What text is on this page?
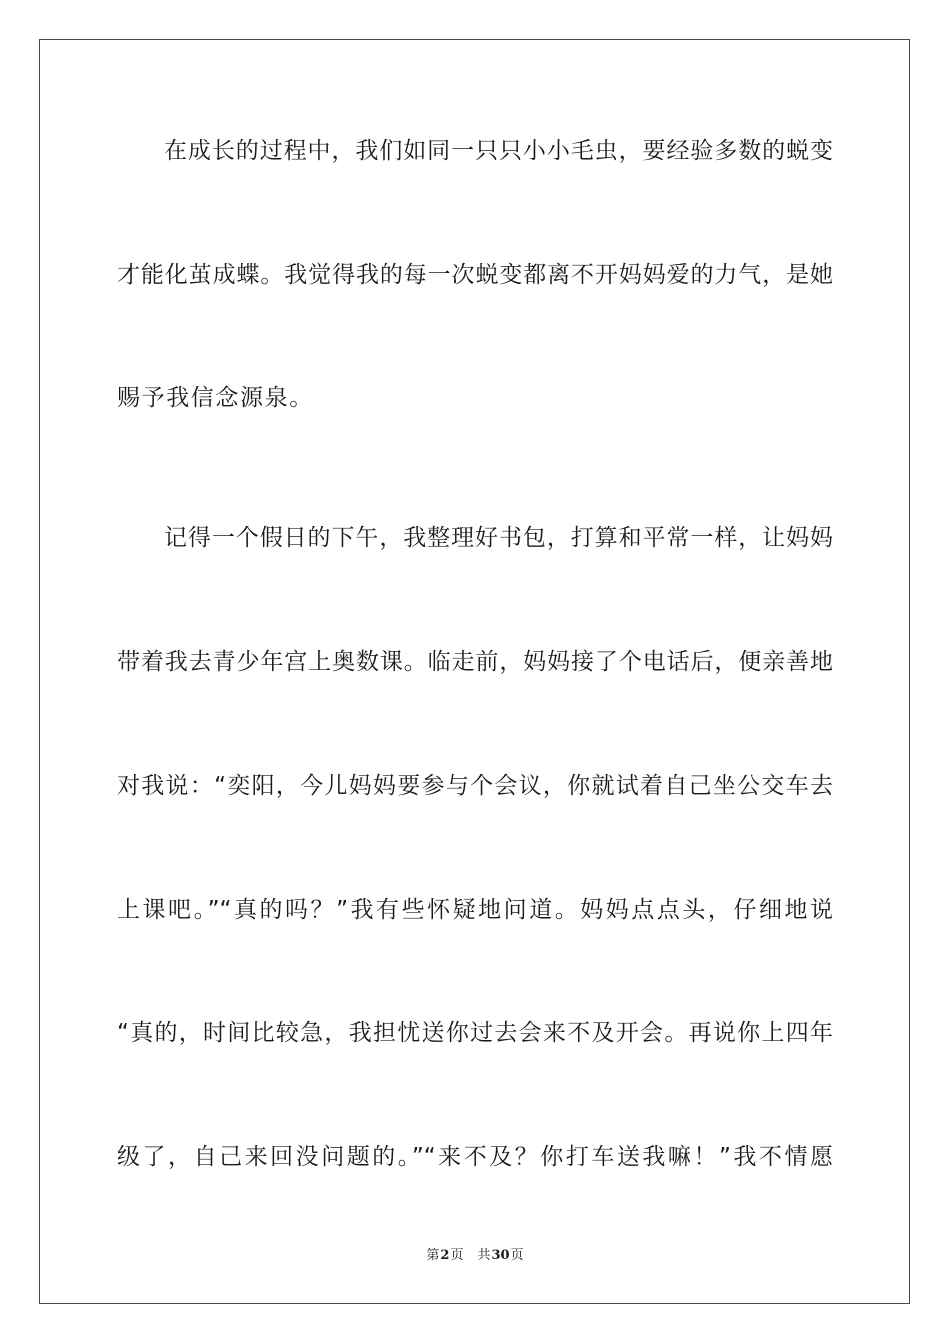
在成长的过程中，我们如同一只只小小毛虫，要经验多数的蜕变
才能化茧成蝶。我觉得我的每一次蜕变都离不开妈妈爱的力气，是她
赐予我信念源泉。
记得一个假日的下午，我整理好书包，打算和平常一样，让妈妈
带着我去青少年宫上奥数课。临走前，妈妈接了个电话后，便亲善地
对我说：“奕阳，今儿妈妈要参与个会议，你就试着自己坐公交车去
上课吧。”“真的吗？”我有些怀疑地问道。妈妈点点头，仔细地说
“真的，时间比较急，我担忧送你过去会来不及开会。再说你上四年
级了，自己来回没问题的。”“来不及？你打车送我嘛！”我不情愿
第2页 共30页
